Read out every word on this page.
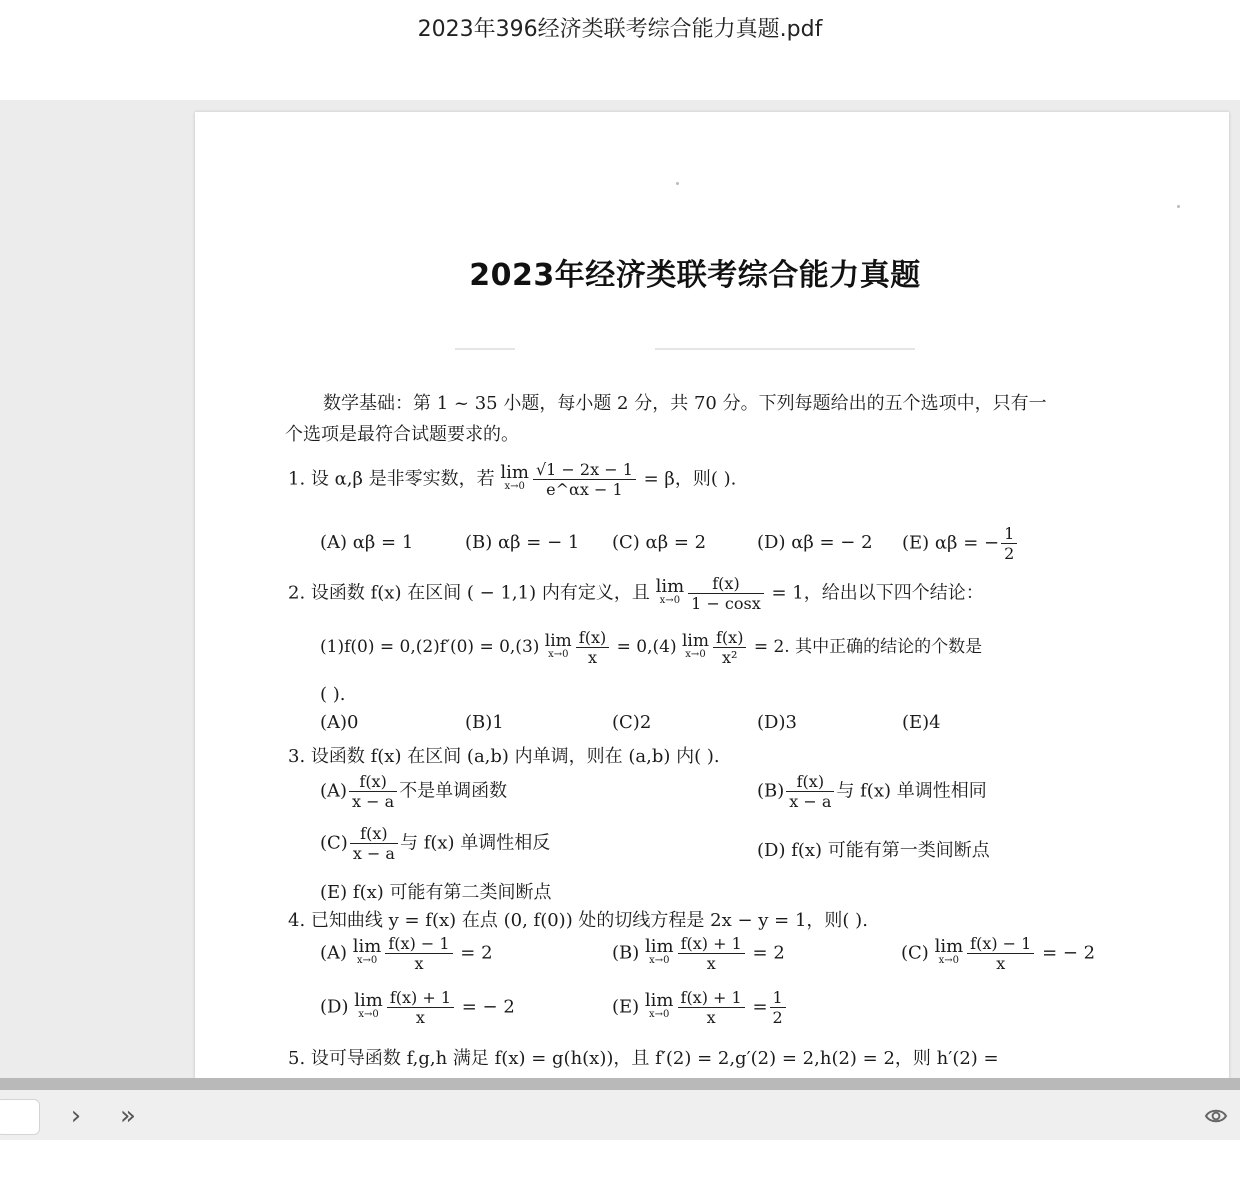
2023年396经济类联考综合能力真题.pdf
2023年经济类联考综合能力真题
数学基础：第 1 ~ 35 小题，每小题 2 分，共 70 分。下列每题给出的五个选项中，只有一
个选项是最符合试题要求的。
1. 设 α,β 是非零实数，若 lim
$x\to 0 \frac{√1 - 2x - 1}{e\^{}\alpha x - 1} = \beta$，则( ).
(A) αβ = 1	(B) αβ = − 1 (C) αβ = 2	(D) αβ = − 2 (E) αβ = − $\frac{1}{2}$
2. 设函数 f(x) 在区间 ( − 1,1) 内有定义，且 lim
$x\to 0 \frac{f(x)}{1 - \cos x} = 1$，给出以下四个结论：
(1)f(0) = 0,(2)f′(0) = 0,(3) lim
$x\to 0 \frac{f(x)}{x} = 0,(4)$ lim
$x\to 0 \frac{f(x)}{\text{x²}} = 2$. 其中正确的结论的个数是
( ).
(A)0	(B)1	(C)2	(D)3	(E)4
3. 设函数 f(x) 在区间 (a,b) 内单调，则在 (a,b) 内( ).
$(A) \frac{f(x)}{x - a}$ 不是单调函数	$(B) \frac{f(x)}{x - a}$ 与 f(x) 单调性相同
$(C) \frac{f(x)}{x - a}$ 与 f(x) 单调性相反	(D) f(x) 可能有第一类间断点
(E) f(x) 可能有第二类间断点
4. 已知曲线 y = f(x) 在点 (0, f(0)) 处的切线方程是 2x − y = 1，则( ).
(A) lim
$x\to 0 \frac{f(x) - 1}{x} = 2$	(B) lim
$x\to 0 \frac{f(x) + 1}{x} = 2$	(C) lim
$x\to 0 \frac{f(x) - 1}{x}$ = − 2
(D) lim
$x\to 0 \frac{f(x) + 1}{x}$ = − 2	(E) lim
$x\to 0 \frac{f(x) + 1}{x} = \frac{1}{2}$
5. 设可导函数 f,g,h 满足 f(x) = g(h(x))，且 f′(2) = 2,g′(2) = 2,h(2) = 2，则 h′(2) =
› »
